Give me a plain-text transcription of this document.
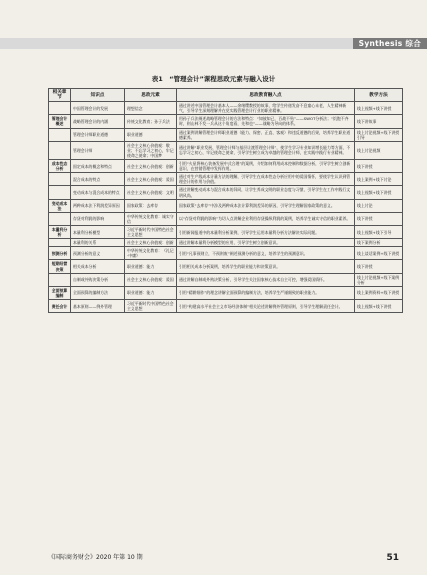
Synthesis 综合
表1　“管理会计”课程思政元素与融入设计
相关章节	知识点	思政元素	思政教育融入点	教学方法
	中国管理会计的发展	理想信念	通过讲述中国管理会计基本人——余绪缨教授的故事，给学生传递发奋不息童心未老，人生精神新气，引导学生深刻理解并在党实践管理会计行业的职业精神。	线上视频+线下讲授
管理会计概述	战略管理会计的内涵	传统文化教育；孙子兵法	用孙子兵法阐述战略管理会计的方法和特点：“知彼知己，百战不殆”——SWOT分析法；“饥饱不齐时，则山林不发一兵从这个角度看，先和也”——战略为导向的体系。	线下讲故事
	管理会计师职业道德	职业道德	通过案例讲解管理会计师职业道德（能力、保密、正直、客观）和违反道德的后果，培养学生职业道德素养。	线上讨论视频+线下讲授引导
	管理会计师	社会主义核心价值观：敬业；不忘学习之初心，牢记使命之使命；中国梦	通过讲解“职业发展、管理会计师与基层让渡管理会计师”，使学生学习专业知识增长能力等方面，不忘学习之初心，牢记使命之使命，引导学生树立成为卓越的管理会计师，在实践中践行专业精神。	线上讨论视频
成本性态分析	固定成本的概念和特点	社会主义核心价值观：创新	引用“火星将核心装备发展中式合理”的案例，介绍如何利用成本控制和数据分析，引导学生树立创新意识，在营销管理中发挥作用。	线下讲授
	混合成本的特点	社会主义核心价值观：爱国	通过对生产线成本计量方法的理解，引导学生在成本性态分析应用中的爱国情怀，要使学生认识到管理会计的作用与价值。	线上案例+线下讨论
	变动成本与混合成本的特点	社会主义核心价值观：文明	通过讲解变动成本与混合成本的异同，让学生养成文明的职业态度与习惯，引导学生在工作中践行文明风尚。	线上视频+线下讲授
变动成本法	两种成本法下利润差异原因	国家政策：去库存	国家政策“去库存”中涉及两种成本法计算利润差异的原因，引导学生理解国家政策的意义。	线上讨论
	存货对利润的影响	中华传统文化教育：诚实守信	以“存货对利润的影响”为切入点讲解企业利用存货操纵利润的案例，培养学生诚实守信的职业素养。	线下讲授
本量利分析	本量利分析模型	习近平新时代中国特色社会主义思想	引用新闻报道中的本量利分析案例，引导学生运用本量利分析方法解决实际问题。	线上视频+线下引导
	本量利的关系	社会主义核心价值观：创新	通过讲解本量利分析模型的应用，引导学生树立创新意识。	线下案例分析
预测分析	预测分析的意义	中华传统文化教育：《礼记·中庸》	引用“凡事预则立，不预则废”阐述预测分析的意义，培养学生的预测意识。	线上谈话案例+线下讲授
短期经营决策	相关成本分析	职业道德：能力	引用相关成本分析案例，培养学生的职业能力和决策意识。	线下讲授
	自制或外购决策分析	社会主义核心价值观：爱国	通过讲解自制或外购决策分析，引导学生关注国家核心技术自主可控，增强爱国情怀。	线上讨论视频+线下案例分析
全面预算编制	全面预算的编制方法	职业道德：能力	引用“精耕细作”的理念讲解全面预算的编制方法，培养学生严谨细致的职业能力。	线上案例资料+线下讲授
责任会计	基本原则——例外管理	习近平新时代中国特色社会主义思想	引用“构建高水平社会主义市场经济体制”相关论述讲解例外管理原则，引导学生理解责任会计。	线上视频+线下讲授
《国际商务财会》2020 年第 10 期	51
